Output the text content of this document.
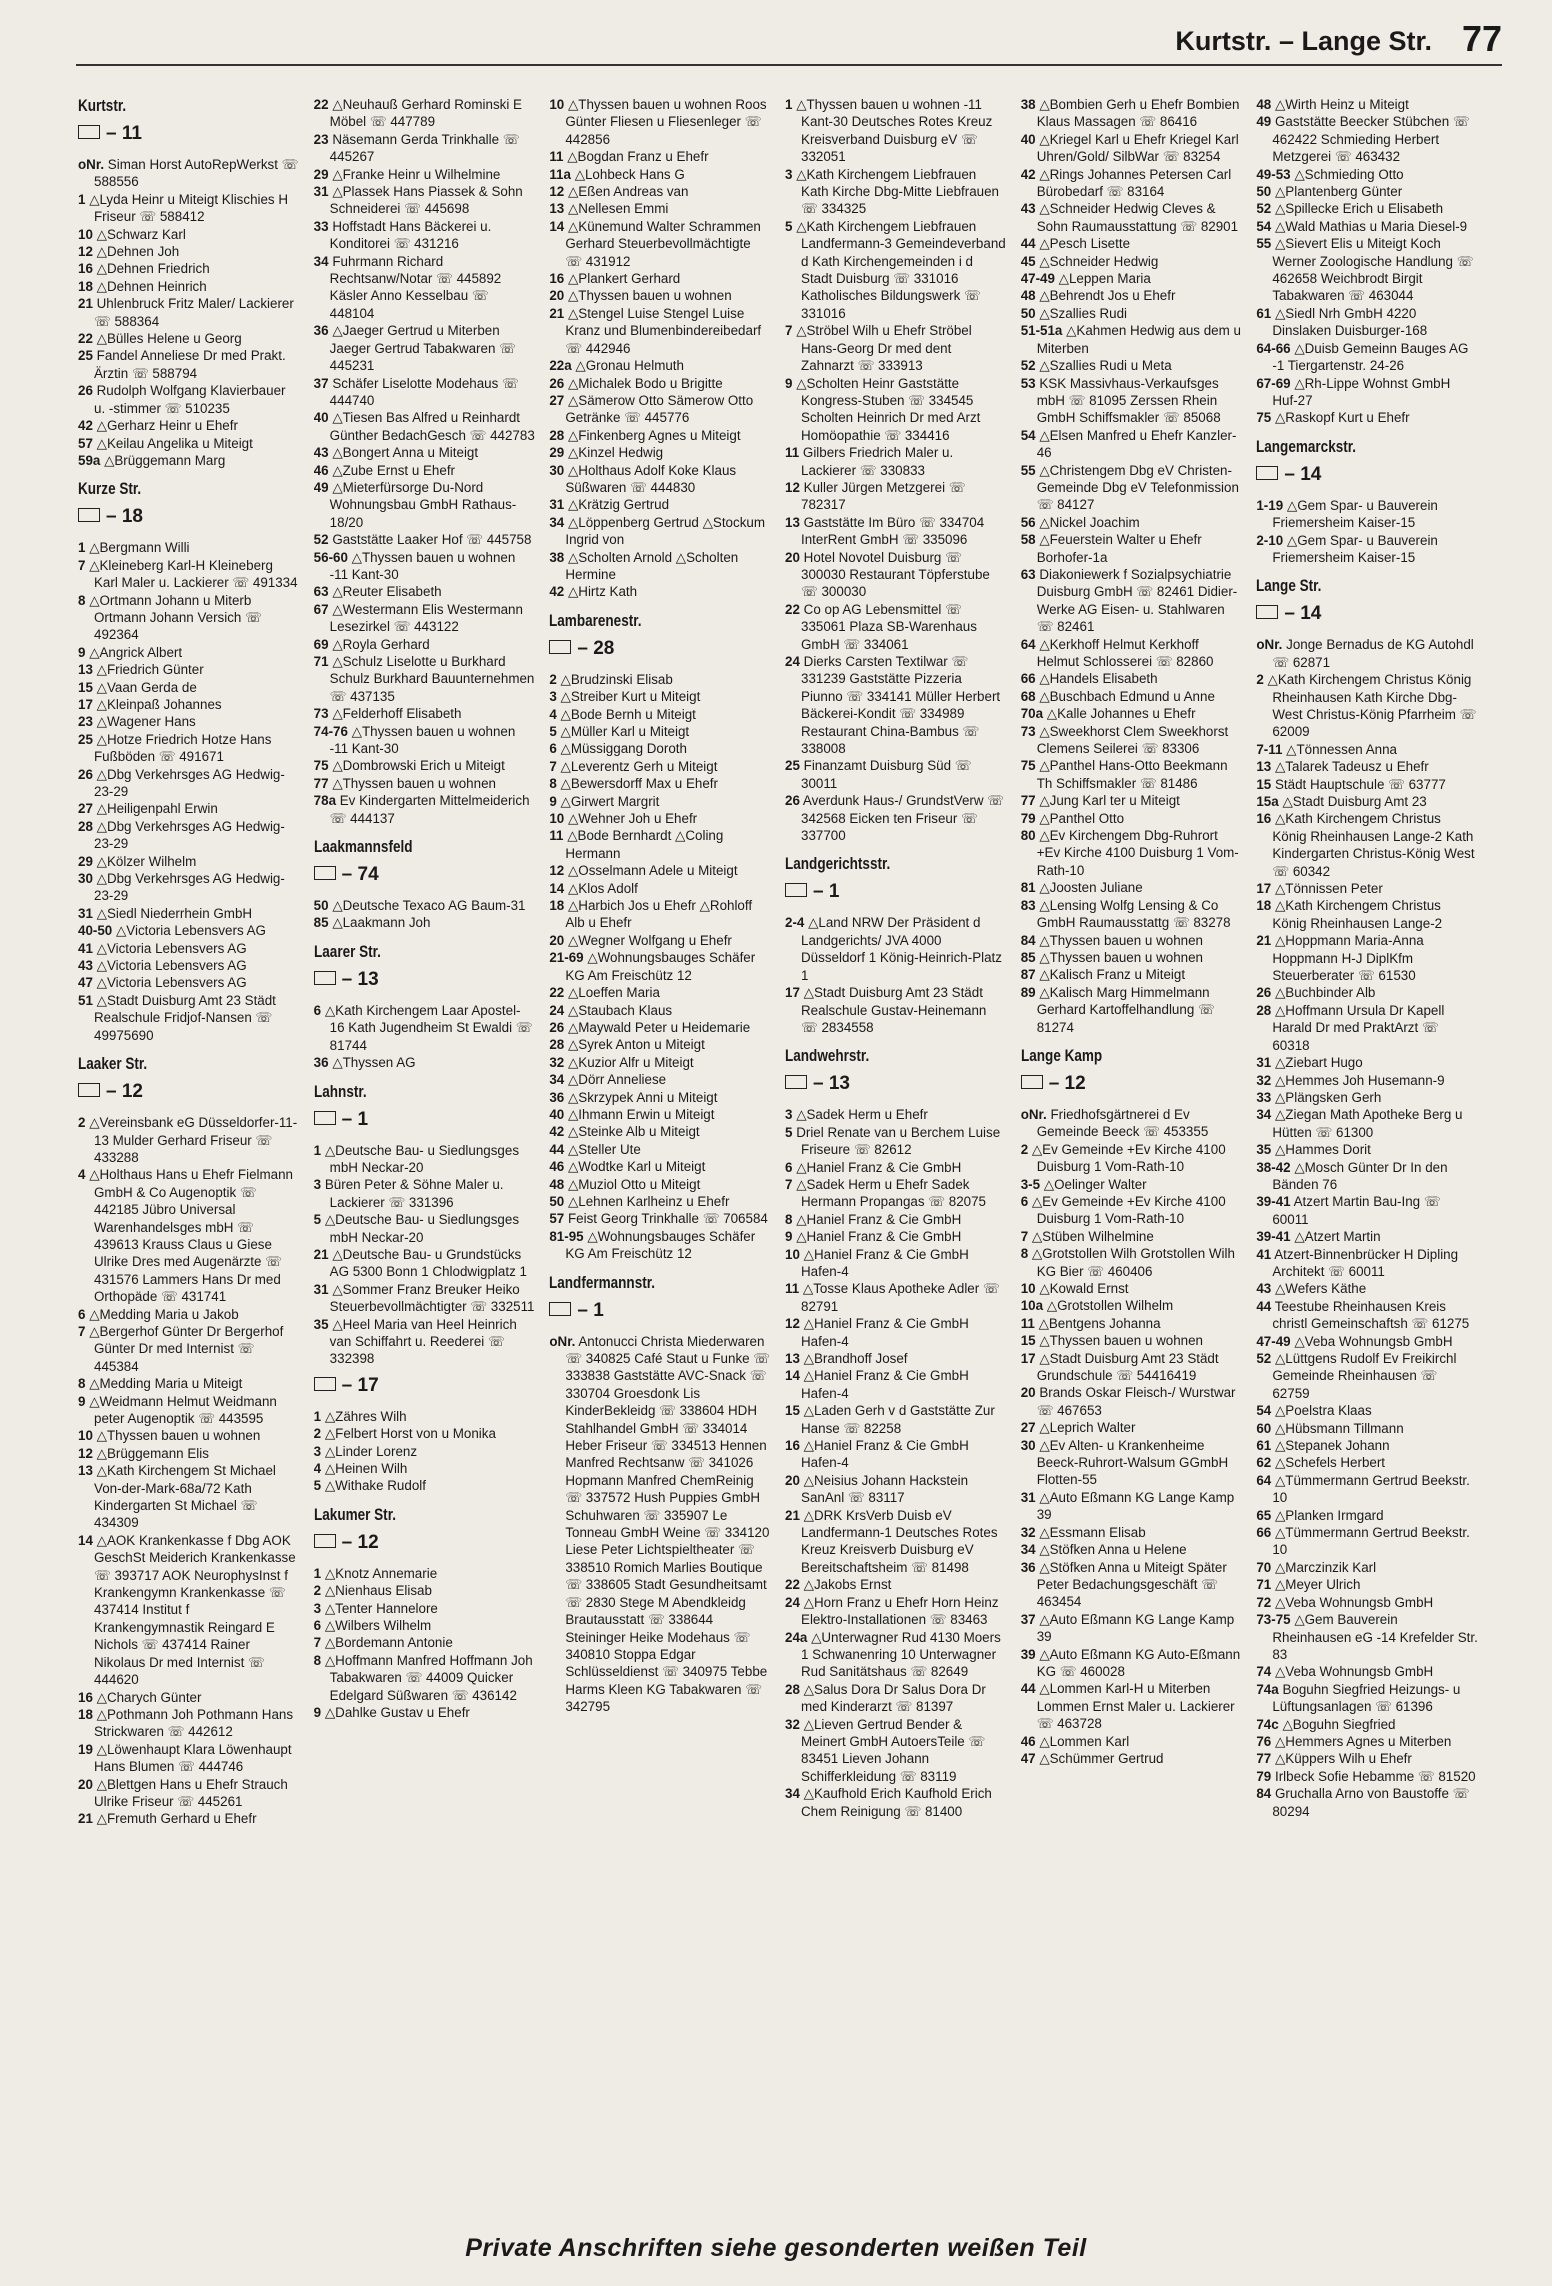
Kurtstr. – Lange Str. 77
Kurtstr.
– 11
oNr. Siman Horst AutoRepWerkst ☏ 588556
1 △Lyda Heinr u Miteigt Klischies H Friseur ☏ 588412
10 △Schwarz Karl
12 △Dehnen Joh
16 △Dehnen Friedrich
18 △Dehnen Heinrich
21 Uhlenbruck Fritz Maler/ Lackierer ☏ 588364
22 △Bülles Helene u Georg
25 Fandel Anneliese Dr med Prakt. Ärztin ☏ 588794
26 Rudolph Wolfgang Klavierbauer u. -stimmer ☏ 510235
42 △Gerharz Heinr u Ehefr
57 △Keilau Angelika u Miteigt
59a △Brüggemann Marg
Kurze Str.
– 18
1 △Bergmann Willi
7 △Kleineberg Karl-H Kleineberg Karl Maler u. Lackierer ☏ 491334
8 △Ortmann Johann u Miterb Ortmann Johann Versich ☏ 492364
9 △Angrick Albert
13 △Friedrich Günter
15 △Vaan Gerda de
17 △Kleinpaß Johannes
23 △Wagener Hans
25 △Hotze Friedrich Hotze Hans Fußböden ☏ 491671
26 △Dbg Verkehrsges AG Hedwig-23-29
27 △Heiligenpahl Erwin
28 △Dbg Verkehrsges AG Hedwig-23-29
29 △Kölzer Wilhelm
30 △Dbg Verkehrsges AG Hedwig-23-29
31 △Siedl Niederrhein GmbH
40-50 △Victoria Lebensvers AG
41 △Victoria Lebensvers AG
43 △Victoria Lebensvers AG
47 △Victoria Lebensvers AG
51 △Stadt Duisburg Amt 23 Städt Realschule Fridjof-Nansen ☏ 49975690
Laaker Str.
– 12
2 △Vereinsbank eG Düsseldorfer-11-13 Mulder Gerhard Friseur ☏ 433288
4 △Holthaus Hans u Ehefr Fielmann GmbH & Co Augenoptik ☏ 442185 Jübro Universal Warenhandelsges mbH ☏ 439613 Krauss Claus u Giese Ulrike Dres med Augenärzte ☏ 431576 Lammers Hans Dr med Orthopäde ☏ 431741
6 △Medding Maria u Jakob
7 △Bergerhof Günter Dr Bergerhof Günter Dr med Internist ☏ 445384
8 △Medding Maria u Miteigt
9 △Weidmann Helmut Weidmann peter Augenoptik ☏ 443595
10 △Thyssen bauen u wohnen
12 △Brüggemann Elis
13 △Kath Kirchengem St Michael Von-der-Mark-68a/72 Kath Kindergarten St Michael ☏ 434309
14 △AOK Krankenkasse f Dbg AOK GeschSt Meiderich Krankenkasse ☏ 393717 AOK NeurophysInst f Krankengymn Krankenkasse ☏ 437414 Institut f Krankengymnastik Reingard E Nichols ☏ 437414 Rainer Nikolaus Dr med Internist ☏ 444620
16 △Charych Günter
18 △Pothmann Joh Pothmann Hans Strickwaren ☏ 442612
19 △Löwenhaupt Klara Löwenhaupt Hans Blumen ☏ 444746
20 △Blettgen Hans u Ehefr Strauch Ulrike Friseur ☏ 445261
21 △Fremuth Gerhard u Ehefr
22 △Neuhauß Gerhard Rominski E Möbel ☏ 447789
23 Näsemann Gerda Trinkhalle ☏ 445267
29 △Franke Heinr u Wilhelmine
31 △Plassek Hans Piassek & Sohn Schneiderei ☏ 445698
33 Hoffstadt Hans Bäckerei u. Konditorei ☏ 431216
34 Fuhrmann Richard Rechtsanw/Notar ☏ 445892 Käsler Anno Kesselbau ☏ 448104
36 △Jaeger Gertrud u Miterben Jaeger Gertrud Tabakwaren ☏ 445231
37 Schäfer Liselotte Modehaus ☏ 444740
40 △Tiesen Bas Alfred u Reinhardt Günther BedachGesch ☏ 442783
43 △Bongert Anna u Miteigt
46 △Zube Ernst u Ehefr
49 △Mieterfürsorge Du-Nord Wohnungsbau GmbH Rathaus-18/20
52 Gaststätte Laaker Hof ☏ 445758
56-60 △Thyssen bauen u wohnen -11 Kant-30
63 △Reuter Elisabeth
67 △Westermann Elis Westermann Lesezirkel ☏ 443122
69 △Royla Gerhard
71 △Schulz Liselotte u Burkhard Schulz Burkhard Bauunternehmen ☏ 437135
73 △Felderhoff Elisabeth
74-76 △Thyssen bauen u wohnen -11 Kant-30
75 △Dombrowski Erich u Miteigt
77 △Thyssen bauen u wohnen
78a Ev Kindergarten Mittelmeiderich ☏ 444137
Laakmannsfeld
– 74
50 △Deutsche Texaco AG Baum-31
85 △Laakmann Joh
Laarer Str.
– 13
6 △Kath Kirchengem Laar Apostel-16 Kath Jugendheim St Ewaldi ☏ 81744
36 △Thyssen AG
Lahnstr.
– 1
1 △Deutsche Bau- u Siedlungsges mbH Neckar-20
3 Büren Peter & Söhne Maler u. Lackierer ☏ 331396
5 △Deutsche Bau- u Siedlungsges mbH Neckar-20
21 △Deutsche Bau- u Grundstücks AG 5300 Bonn 1 Chlodwigplatz 1
31 △Sommer Franz Breuker Heiko Steuerbevollmächtigter ☏ 332511
35 △Heel Maria van Heel Heinrich van Schiffahrt u. Reederei ☏ 332398
– 17
1 △Zähres Wilh
2 △Felbert Horst von u Monika
3 △Linder Lorenz
4 △Heinen Wilh
5 △Withake Rudolf
Lakumer Str.
– 12
1 △Knotz Annemarie
2 △Nienhaus Elisab
3 △Tenter Hannelore
6 △Wilbers Wilhelm
7 △Bordemann Antonie
8 △Hoffmann Manfred Hoffmann Joh Tabakwaren ☏ 44009 Quicker Edelgard Süßwaren ☏ 436142
9 △Dahlke Gustav u Ehefr
10 △Thyssen bauen u wohnen Roos Günter Fliesen u Fliesenleger ☏ 442856
11 △Bogdan Franz u Ehefr
11a △Lohbeck Hans G
12 △Eßen Andreas van
13 △Nellesen Emmi
14 △Künemund Walter Schrammen Gerhard Steuerbevollmächtigte ☏ 431912
16 △Plankert Gerhard
20 △Thyssen bauen u wohnen
21 △Stengel Luise Stengel Luise Kranz und Blumenbindereibedarf ☏ 442946
22a △Gronau Helmuth
26 △Michalek Bodo u Brigitte
27 △Sämerow Otto Sämerow Otto Getränke ☏ 445776
28 △Finkenberg Agnes u Miteigt
29 △Kinzel Hedwig
30 △Holthaus Adolf Koke Klaus Süßwaren ☏ 444830
31 △Krätzig Gertrud
34 △Löppenberg Gertrud △Stockum Ingrid von
38 △Scholten Arnold △Scholten Hermine
42 △Hirtz Kath
Lambarenestr.
– 28
2 △Brudzinski Elisab
3 △Streiber Kurt u Miteigt
4 △Bode Bernh u Miteigt
5 △Müller Karl u Miteigt
6 △Müssiggang Doroth
7 △Leverentz Gerh u Miteigt
8 △Bewersdorff Max u Ehefr
9 △Girwert Margrit
10 △Wehner Joh u Ehefr
11 △Bode Bernhardt △Coling Hermann
12 △Osselmann Adele u Miteigt
14 △Klos Adolf
18 △Harbich Jos u Ehefr △Rohloff Alb u Ehefr
20 △Wegner Wolfgang u Ehefr
21-69 △Wohnungsbauges Schäfer KG Am Freischütz 12
22 △Loeffen Maria
24 △Staubach Klaus
26 △Maywald Peter u Heidemarie
28 △Syrek Anton u Miteigt
32 △Kuzior Alfr u Miteigt
34 △Dörr Anneliese
36 △Skrzypek Anni u Miteigt
40 △Ihmann Erwin u Miteigt
42 △Steinke Alb u Miteigt
44 △Steller Ute
46 △Wodtke Karl u Miteigt
48 △Muziol Otto u Miteigt
50 △Lehnen Karlheinz u Ehefr
57 Feist Georg Trinkhalle ☏ 706584
81-95 △Wohnungsbauges Schäfer KG Am Freischütz 12
Landfermannstr.
– 1
oNr. Antonucci Christa Miederwaren ☏ 340825 Café Staut u Funke ☏ 333838 Gaststätte AVC-Snack ☏ 330704 Groesdonk Lis KinderBekleidg ☏ 338604 HDH Stahlhandel GmbH ☏ 334014 Heber Friseur ☏ 334513 Hennen Manfred Rechtsanw ☏ 341026 Hopmann Manfred ChemReinig ☏ 337572 Hush Puppies GmbH Schuhwaren ☏ 335907 Le Tonneau GmbH Weine ☏ 334120 Liese Peter Lichtspieltheater ☏ 338510 Romich Marlies Boutique ☏ 338605 Stadt Gesundheitsamt ☏ 2830 Stege M Abendkleidg Brautausstatt ☏ 338644 Steininger Heike Modehaus ☏ 340810 Stoppa Edgar Schlüsseldienst ☏ 340975 Tebbe Harms Kleen KG Tabakwaren ☏ 342795
1 △Thyssen bauen u wohnen -11 Kant-30 Deutsches Rotes Kreuz Kreisverband Duisburg eV ☏ 332051
3 △Kath Kirchengem Liebfrauen Kath Kirche Dbg-Mitte Liebfrauen ☏ 334325
5 △Kath Kirchengem Liebfrauen Landfermann-3 Gemeindeverband d Kath Kirchengemeinden i d Stadt Duisburg ☏ 331016 Katholisches Bildungswerk ☏ 331016
7 △Ströbel Wilh u Ehefr Ströbel Hans-Georg Dr med dent Zahnarzt ☏ 333913
9 △Scholten Heinr Gaststätte Kongress-Stuben ☏ 334545 Scholten Heinrich Dr med Arzt Homöopathie ☏ 334416
11 Gilbers Friedrich Maler u. Lackierer ☏ 330833
12 Kuller Jürgen Metzgerei ☏ 782317
13 Gaststätte Im Büro ☏ 334704 InterRent GmbH ☏ 335096
20 Hotel Novotel Duisburg ☏ 300030 Restaurant Töpferstube ☏ 300030
22 Co op AG Lebensmittel ☏ 335061 Plaza SB-Warenhaus GmbH ☏ 334061
24 Dierks Carsten Textilwar ☏ 331239 Gaststätte Pizzeria Piunno ☏ 334141 Müller Herbert Bäckerei-Kondit ☏ 334989 Restaurant China-Bambus ☏ 338008
25 Finanzamt Duisburg Süd ☏ 30011
26 Averdunk Haus-/ GrundstVerw ☏ 342568 Eicken ten Friseur ☏ 337700
Landgerichtsstr.
– 1
2-4 △Land NRW Der Präsident d Landgerichts/ JVA 4000 Düsseldorf 1 König-Heinrich-Platz 1
17 △Stadt Duisburg Amt 23 Städt Realschule Gustav-Heinemann ☏ 2834558
Landwehrstr.
– 13
3 △Sadek Herm u Ehefr
5 Driel Renate van u Berchem Luise Friseure ☏ 82612
6 △Haniel Franz & Cie GmbH
7 △Sadek Herm u Ehefr Sadek Hermann Propangas ☏ 82075
8 △Haniel Franz & Cie GmbH
9 △Haniel Franz & Cie GmbH
10 △Haniel Franz & Cie GmbH Hafen-4
11 △Tosse Klaus Apotheke Adler ☏ 82791
12 △Haniel Franz & Cie GmbH Hafen-4
13 △Brandhoff Josef
14 △Haniel Franz & Cie GmbH Hafen-4
15 △Laden Gerh v d Gaststätte Zur Hanse ☏ 82258
16 △Haniel Franz & Cie GmbH Hafen-4
20 △Neisius Johann Hackstein SanAnl ☏ 83117
21 △DRK KrsVerb Duisb eV Landfermann-1 Deutsches Rotes Kreuz Kreisverb Duisburg eV Bereitschaftsheim ☏ 81498
22 △Jakobs Ernst
24 △Horn Franz u Ehefr Horn Heinz Elektro-Installationen ☏ 83463
24a △Unterwagner Rud 4130 Moers 1 Schwanenring 10 Unterwagner Rud Sanitätshaus ☏ 82649
28 △Salus Dora Dr Salus Dora Dr med Kinderarzt ☏ 81397
32 △Lieven Gertrud Bender & Meinert GmbH AutoersTeile ☏ 83451 Lieven Johann Schifferkleidung ☏ 83119
34 △Kaufhold Erich Kaufhold Erich Chem Reinigung ☏ 81400
38 △Bombien Gerh u Ehefr Bombien Klaus Massagen ☏ 86416
40 △Kriegel Karl u Ehefr Kriegel Karl Uhren/Gold/ SilbWar ☏ 83254
42 △Rings Johannes Petersen Carl Bürobedarf ☏ 83164
43 △Schneider Hedwig Cleves & Sohn Raumausstattung ☏ 82901
44 △Pesch Lisette
45 △Schneider Hedwig
47-49 △Leppen Maria
48 △Behrendt Jos u Ehefr
50 △Szallies Rudi
51-51a △Kahmen Hedwig aus dem u Miterben
52 △Szallies Rudi u Meta
53 KSK Massivhaus-Verkaufsges mbH ☏ 81095 Zerssen Rhein GmbH Schiffsmakler ☏ 85068
54 △Elsen Manfred u Ehefr Kanzler-46
55 △Christengem Dbg eV Christen-Gemeinde Dbg eV Telefonmission ☏ 84127
56 △Nickel Joachim
58 △Feuerstein Walter u Ehefr Borhofer-1a
63 Diakoniewerk f Sozialpsychiatrie Duisburg GmbH ☏ 82461 Didier-Werke AG Eisen- u. Stahlwaren ☏ 82461
64 △Kerkhoff Helmut Kerkhoff Helmut Schlosserei ☏ 82860
66 △Handels Elisabeth
68 △Buschbach Edmund u Anne
70a △Kalle Johannes u Ehefr
73 △Sweekhorst Clem Sweekhorst Clemens Seilerei ☏ 83306
75 △Panthel Hans-Otto Beekmann Th Schiffsmakler ☏ 81486
77 △Jung Karl ter u Miteigt
79 △Panthel Otto
80 △Ev Kirchengem Dbg-Ruhrort +Ev Kirche 4100 Duisburg 1 Vom-Rath-10
81 △Joosten Juliane
83 △Lensing Wolfg Lensing & Co GmbH Raumausstattg ☏ 83278
84 △Thyssen bauen u wohnen
85 △Thyssen bauen u wohnen
87 △Kalisch Franz u Miteigt
89 △Kalisch Marg Himmelmann Gerhard Kartoffelhandlung ☏ 81274
Lange Kamp
– 12
oNr. Friedhofsgärtnerei d Ev Gemeinde Beeck ☏ 453355
2 △Ev Gemeinde +Ev Kirche 4100 Duisburg 1 Vom-Rath-10
3-5 △Oelinger Walter
6 △Ev Gemeinde +Ev Kirche 4100 Duisburg 1 Vom-Rath-10
7 △Stüben Wilhelmine
8 △Grotstollen Wilh Grotstollen Wilh KG Bier ☏ 460406
10 △Kowald Ernst
10a △Grotstollen Wilhelm
11 △Bentgens Johanna
15 △Thyssen bauen u wohnen
17 △Stadt Duisburg Amt 23 Städt Grundschule ☏ 54416419
20 Brands Oskar Fleisch-/ Wurstwar ☏ 467653
27 △Leprich Walter
30 △Ev Alten- u Krankenheime Beeck-Ruhrort-Walsum GGmbH Flotten-55
31 △Auto Eßmann KG Lange Kamp 39
32 △Essmann Elisab
34 △Stöfken Anna u Helene
36 △Stöfken Anna u Miteigt Später Peter Bedachungsgeschäft ☏ 463454
37 △Auto Eßmann KG Lange Kamp 39
39 △Auto Eßmann KG Auto-Eßmann KG ☏ 460028
44 △Lommen Karl-H u Miterben Lommen Ernst Maler u. Lackierer ☏ 463728
46 △Lommen Karl
47 △Schümmer Gertrud
48 △Wirth Heinz u Miteigt
49 Gaststätte Beecker Stübchen ☏ 462422 Schmieding Herbert Metzgerei ☏ 463432
49-53 △Schmieding Otto
50 △Plantenberg Günter
52 △Spillecke Erich u Elisabeth
54 △Wald Mathias u Maria Diesel-9
55 △Sievert Elis u Miteigt Koch Werner Zoologische Handlung ☏ 462658 Weichbrodt Birgit Tabakwaren ☏ 463044
61 △Siedl Nrh GmbH 4220 Dinslaken Duisburger-168
64-66 △Duisb Gemeinn Bauges AG -1 Tiergartenstr. 24-26
67-69 △Rh-Lippe Wohnst GmbH Huf-27
75 △Raskopf Kurt u Ehefr
Langemarckstr.
– 14
1-19 △Gem Spar- u Bauverein Friemersheim Kaiser-15
2-10 △Gem Spar- u Bauverein Friemersheim Kaiser-15
Lange Str.
– 14
oNr. Jonge Bernadus de KG Autohdl ☏ 62871
2 △Kath Kirchengem Christus König Rheinhausen Kath Kirche Dbg-West Christus-König Pfarrheim ☏ 62009
7-11 △Tönnessen Anna
13 △Talarek Tadeusz u Ehefr
15 Städt Hauptschule ☏ 63777
15a △Stadt Duisburg Amt 23
16 △Kath Kirchengem Christus König Rheinhausen Lange-2 Kath Kindergarten Christus-König West ☏ 60342
17 △Tönnissen Peter
18 △Kath Kirchengem Christus König Rheinhausen Lange-2
21 △Hoppmann Maria-Anna Hoppmann H-J DiplKfm Steuerberater ☏ 61530
26 △Buchbinder Alb
28 △Hoffmann Ursula Dr Kapell Harald Dr med PraktArzt ☏ 60318
31 △Ziebart Hugo
32 △Hemmes Joh Husemann-9
33 △Plängsken Gerh
34 △Ziegan Math Apotheke Berg u Hütten ☏ 61300
35 △Hammes Dorit
38-42 △Mosch Günter Dr In den Bänden 76
39-41 Atzert Martin Bau-Ing ☏ 60011
39-41 △Atzert Martin
41 Atzert-Binnenbrücker H Dipling Architekt ☏ 60011
43 △Wefers Käthe
44 Teestube Rheinhausen Kreis christl Gemeinschaftsh ☏ 61275
47-49 △Veba Wohnungsb GmbH
52 △Lüttgens Rudolf Ev Freikirchl Gemeinde Rheinhausen ☏ 62759
54 △Poelstra Klaas
60 △Hübsmann Tillmann
61 △Stepanek Johann
62 △Schefels Herbert
64 △Tümmermann Gertrud Beekstr. 10
65 △Planken Irmgard
66 △Tümmermann Gertrud Beekstr. 10
70 △Marczinzik Karl
71 △Meyer Ulrich
72 △Veba Wohnungsb GmbH
73-75 △Gem Bauverein Rheinhausen eG -14 Krefelder Str. 83
74 △Veba Wohnungsb GmbH
74a Boguhn Siegfried Heizungs- u Lüftungsanlagen ☏ 61396
74c △Boguhn Siegfried
76 △Hemmers Agnes u Miterben
77 △Küppers Wilh u Ehefr
79 Irlbeck Sofie Hebamme ☏ 81520
84 Gruchalla Arno von Baustoffe ☏ 80294
Private Anschriften siehe gesonderten weißen Teil
